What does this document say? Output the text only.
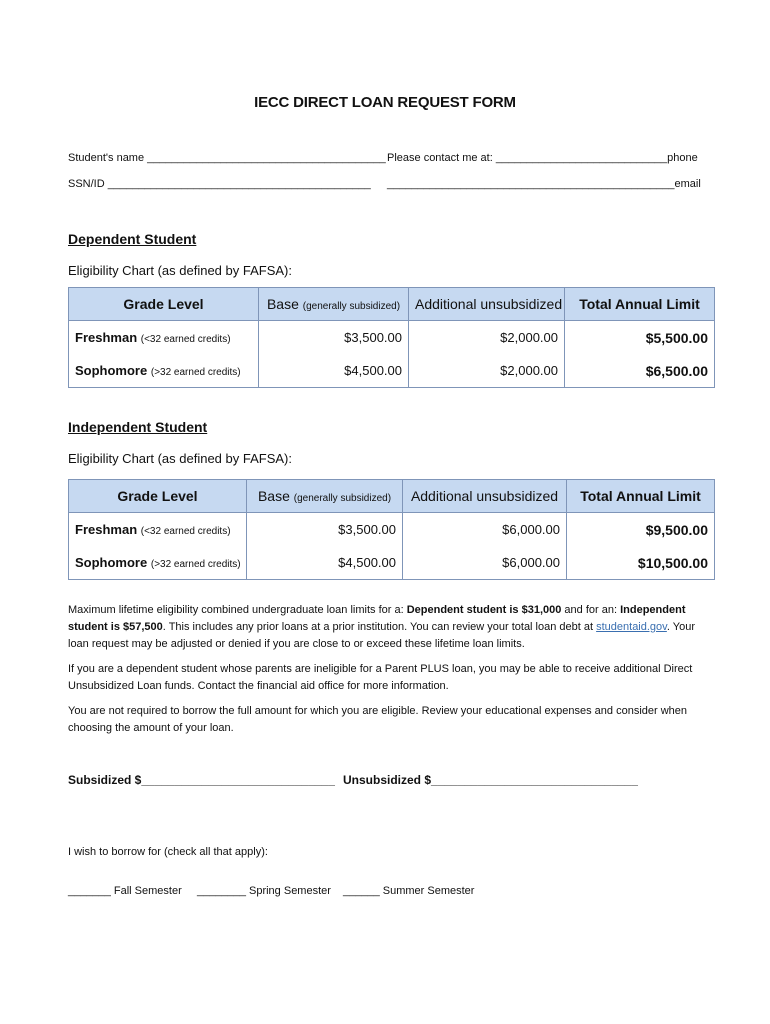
IECC DIRECT LOAN REQUEST FORM
Student's name _______________________________________ Please contact me at: ____________________________phone
SSN/ID ___________________________________________ _______________________________________________email
Dependent Student
Eligibility Chart (as defined by FAFSA):
Grade Level	Base (generally subsidized)	Additional unsubsidized	Total Annual Limit
Freshman (<32 earned credits)	$3,500.00	$2,000.00	$5,500.00
Sophomore (>32 earned credits)	$4,500.00	$2,000.00	$6,500.00
Independent Student
Eligibility Chart (as defined by FAFSA):
Grade Level	Base (generally subsidized)	Additional unsubsidized	Total Annual Limit
Freshman (<32 earned credits)	$3,500.00	$6,000.00	$9,500.00
Sophomore (>32 earned credits)	$4,500.00	$6,000.00	$10,500.00
Maximum lifetime eligibility combined undergraduate loan limits for a: Dependent student is $31,000 and for an: Independent student is $57,500. This includes any prior loans at a prior institution. You can review your total loan debt at studentaid.gov. Your loan request may be adjusted or denied if you are close to or exceed these lifetime loan limits.
If you are a dependent student whose parents are ineligible for a Parent PLUS loan, you may be able to receive additional Direct Unsubsidized Loan funds. Contact the financial aid office for more information.
You are not required to borrow the full amount for which you are eligible. Review your educational expenses and consider when choosing the amount of your loan.
Subsidized $_____________________________ Unsubsidized $_______________________________
I wish to borrow for (check all that apply):
_______ Fall Semester ________ Spring Semester ______ Summer Semester
